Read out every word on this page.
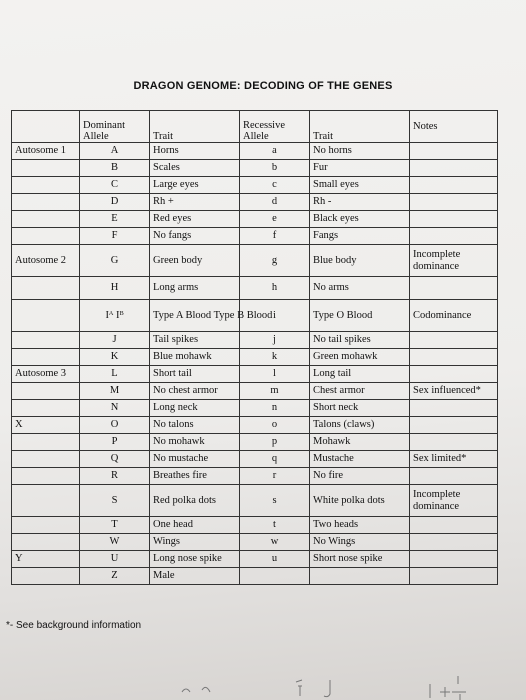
DRAGON GENOME: DECODING OF THE GENES
	Dominant Allele	Trait	Recessive Allele	Trait	Notes
Autosome 1	A	Horns	a	No horns	
	B	Scales	b	Fur	
	C	Large eyes	c	Small eyes	
	D	Rh +	d	Rh -	
	E	Red eyes	e	Black eyes	
	F	No fangs	f	Fangs	
Autosome 2	G	Green body	g	Blue body	Incomplete dominance
	H	Long arms	h	No arms	
	Iᴬ Iᴮ	Type A Blood Type B Blood	i	Type O Blood	Codominance
	J	Tail spikes	j	No tail spikes	
	K	Blue mohawk	k	Green mohawk	
Autosome 3	L	Short tail	l	Long tail	
	M	No chest armor	m	Chest armor	Sex influenced*
	N	Long neck	n	Short neck	
X	O	No talons	o	Talons (claws)	
	P	No mohawk	p	Mohawk	
	Q	No mustache	q	Mustache	Sex limited*
	R	Breathes fire	r	No fire	
	S	Red polka dots	s	White polka dots	Incomplete dominance
	T	One head	t	Two heads	
	W	Wings	w	No Wings	
Y	U	Long nose spike	u	Short nose spike	
	Z	Male			
*- See background information
